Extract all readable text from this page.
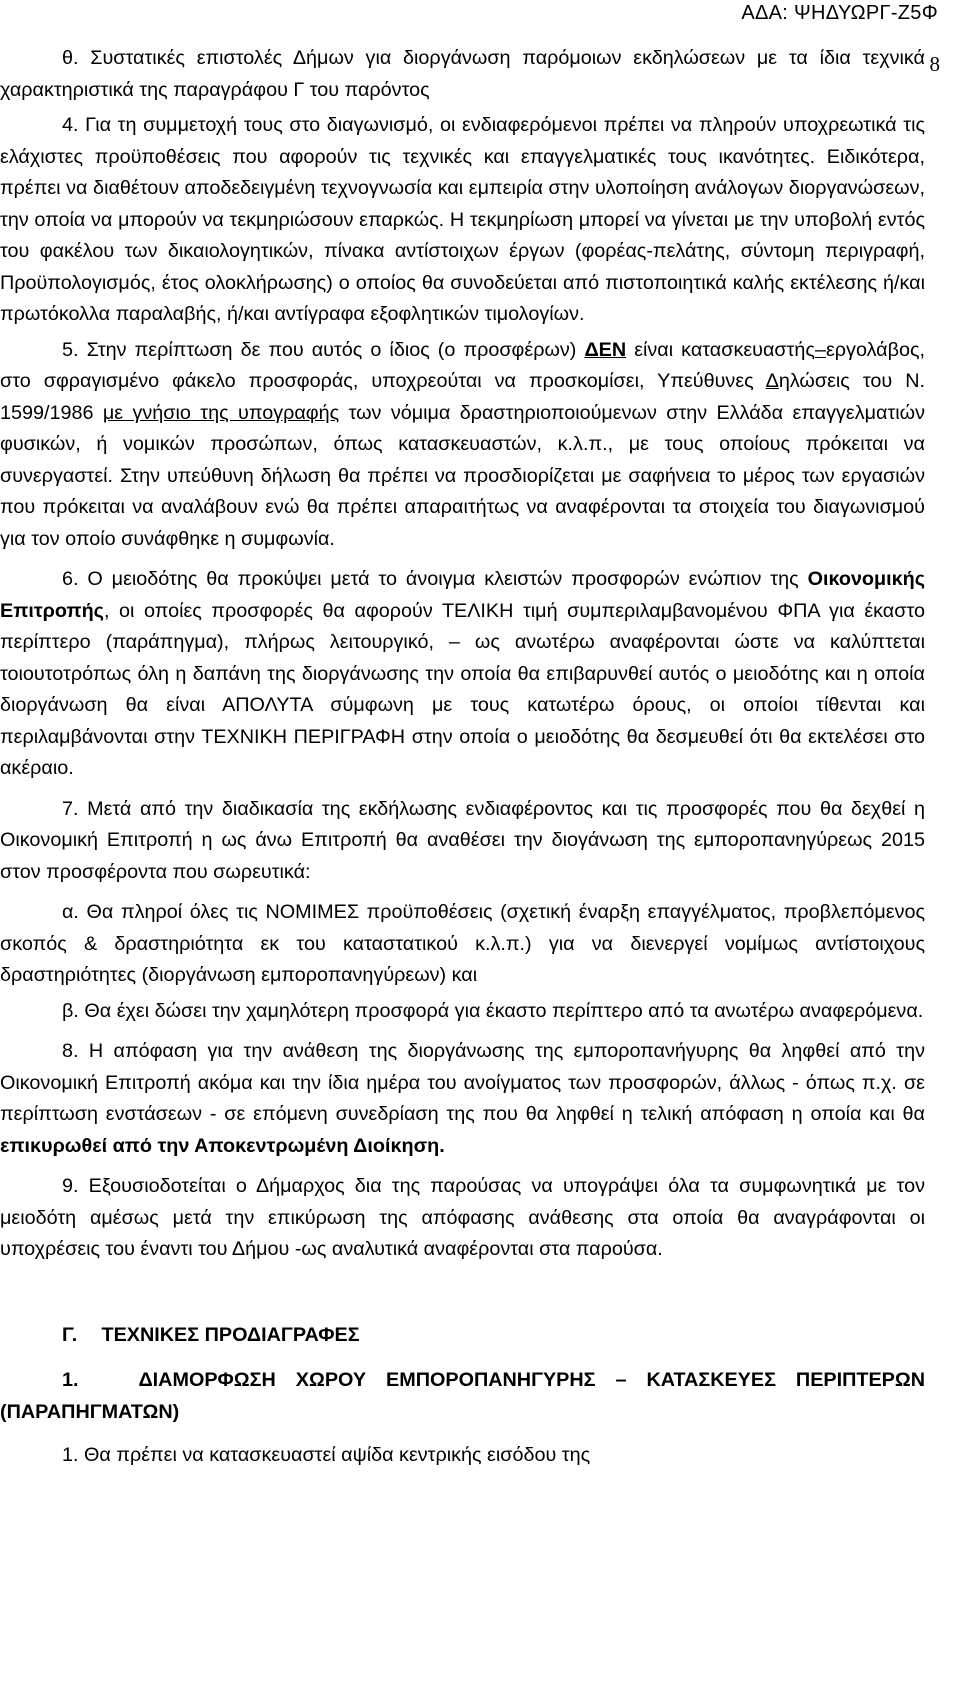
ΑΔΑ: ΨΗΔΥΩΡΓ-Ζ5Φ
8

θ. Συστατικές επιστολές Δήμων για διοργάνωση παρόμοιων εκδηλώσεων με τα ίδια τεχνικά χαρακτηριστικά της παραγράφου Γ του παρόντος

4. Για τη συμμετοχή τους στο διαγωνισμό, οι ενδιαφερόμενοι πρέπει να πληρούν υποχρεωτικά τις ελάχιστες προϋποθέσεις που αφορούν τις τεχνικές και επαγγελματικές τους ικανότητες. Ειδικότερα, πρέπει να διαθέτουν αποδεδειγμένη τεχνογνωσία και εμπειρία στην υλοποίηση ανάλογων διοργανώσεων, την οποία να μπορούν να τεκμηριώσουν επαρκώς. Η τεκμηρίωση μπορεί να γίνεται με την υποβολή εντός του φακέλου των δικαιολογητικών, πίνακα αντίστοιχων έργων (φορέας-πελάτης, σύντομη περιγραφή, Προϋπολογισμός, έτος ολοκλήρωσης) ο οποίος θα συνοδεύεται από πιστοποιητικά καλής εκτέλεσης ή/και πρωτόκολλα παραλαβής, ή/και αντίγραφα εξοφλητικών τιμολογίων.

5. Στην περίπτωση δε που αυτός ο ίδιος (ο προσφέρων) ΔΕΝ είναι κατασκευαστής–εργολάβος, στο σφραγισμένο φάκελο προσφοράς, υποχρεούται να προσκομίσει, Υπεύθυνες Δηλώσεις του Ν. 1599/1986 με γνήσιο της υπογραφής των νόμιμα δραστηριοποιούμενων στην Ελλάδα επαγγελματιών φυσικών, ή νομικών προσώπων, όπως κατασκευαστών, κ.λ.π., με τους οποίους πρόκειται να συνεργαστεί. Στην υπεύθυνη δήλωση θα πρέπει να προσδιορίζεται με σαφήνεια το μέρος των εργασιών που πρόκειται να αναλάβουν ενώ θα πρέπει απαραιτήτως να αναφέρονται τα στοιχεία του διαγωνισμού για τον οποίο συνάφθηκε η συμφωνία.

6. Ο μειοδότης θα προκύψει μετά το άνοιγμα κλειστών προσφορών ενώπιον της Οικονομικής Επιτροπής, οι οποίες προσφορές θα αφορούν ΤΕΛΙΚΗ τιμή συμπεριλαμβανομένου ΦΠΑ για έκαστο περίπτερο (παράπηγμα), πλήρως λειτουργικό, – ως ανωτέρω αναφέρονται ώστε να καλύπτεται τοιουτοτρόπως όλη η δαπάνη της διοργάνωσης την οποία θα επιβαρυνθεί αυτός ο μειοδότης και η οποία διοργάνωση θα είναι ΑΠΟΛΥΤΑ σύμφωνη με τους κατωτέρω όρους, οι οποίοι τίθενται και περιλαμβάνονται στην ΤΕΧΝΙΚΗ ΠΕΡΙΓΡΑΦΗ στην οποία ο μειοδότης θα δεσμευθεί ότι θα εκτελέσει στο ακέραιο.

7. Μετά από την διαδικασία της εκδήλωσης ενδιαφέροντος και τις προσφορές που θα δεχθεί η Οικονομική Επιτροπή η ως άνω Επιτροπή θα αναθέσει την διογάνωση της εμποροπανηγύρεως 2015 στον προσφέροντα που σωρευτικά:

α. Θα πληροί όλες τις ΝΟΜΙΜΕΣ προϋποθέσεις (σχετική έναρξη επαγγέλματος, προβλεπόμενος σκοπός & δραστηριότητα εκ του καταστατικού κ.λ.π.) για να διενεργεί νομίμως αντίστοιχους δραστηριότητες (διoργάνωση εμποροπανηγύρεων) και

β. Θα έχει δώσει την χαμηλότερη προσφορά για έκαστο περίπτερο από τα ανωτέρω αναφερόμενα.

8. Η απόφαση για την ανάθεση της διοργάνωσης της εμποροπανήγυρης θα ληφθεί από την Οικονομική Επιτροπή ακόμα και την ίδια ημέρα του ανοίγματος των προσφορών, άλλως - όπως π.χ. σε περίπτωση ενστάσεων - σε επόμενη συνεδρίαση της που θα ληφθεί η τελική απόφαση η οποία και θα επικυρωθεί από την Αποκεντρωμένη Διοίκηση.

9. Εξουσιοδοτείται ο Δήμαρχος δια της παρούσας να υπογράψει όλα τα συμφωνητικά με τον μειοδότη αμέσως μετά την επικύρωση της απόφασης ανάθεσης στα οποία θα αναγράφονται οι υποχρέσεις του έναντι του Δήμου -ως αναλυτικά αναφέρονται στα παρούσα.

Γ. ΤΕΧΝΙΚΕΣ ΠΡΟΔΙΑΓΡΑΦΕΣ

1.	ΔΙΑΜΟΡΦΩΣΗ ΧΩΡΟΥ ΕΜΠΟΡΟΠΑΝΗΓΥΡΗΣ – ΚΑΤΑΣΚΕΥΕΣ ΠΕΡΙΠΤΕΡΩΝ (ΠΑΡΑΠΗΓΜΑΤΩΝ)

1. Θα πρέπει να κατασκευαστεί αψίδα κεντρικής εισόδου της
